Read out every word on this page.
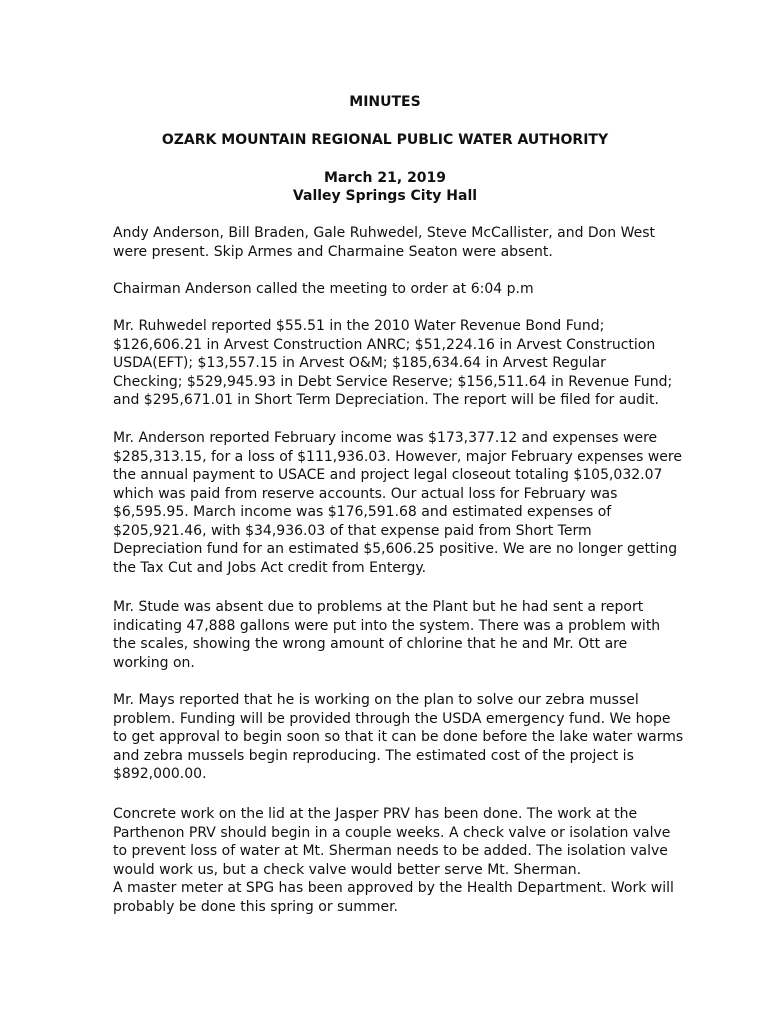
MINUTES
OZARK MOUNTAIN REGIONAL PUBLIC WATER AUTHORITY
March 21, 2019
Valley Springs City Hall
Andy Anderson, Bill Braden, Gale Ruhwedel, Steve McCallister, and Don West
were present. Skip Armes and Charmaine Seaton were absent.
Chairman Anderson called the meeting to order at 6:04 p.m
Mr. Ruhwedel reported $55.51 in the 2010 Water Revenue Bond Fund;
$126,606.21 in Arvest Construction ANRC; $51,224.16 in Arvest Construction
USDA(EFT); $13,557.15 in Arvest O&M; $185,634.64 in Arvest Regular
Checking; $529,945.93 in Debt Service Reserve; $156,511.64 in Revenue Fund;
and $295,671.01 in Short Term Depreciation. The report will be filed for audit.
Mr. Anderson reported February income was $173,377.12 and expenses were
$285,313.15, for a loss of $111,936.03. However, major February expenses were
the annual payment to USACE and project legal closeout totaling $105,032.07
which was paid from reserve accounts. Our actual loss for February was
$6,595.95. March income was $176,591.68 and estimated expenses of
$205,921.46, with $34,936.03 of that expense paid from Short Term
Depreciation fund for an estimated $5,606.25 positive. We are no longer getting
the Tax Cut and Jobs Act credit from Entergy.
Mr. Stude was absent due to problems at the Plant but he had sent a report
indicating 47,888 gallons were put into the system. There was a problem with
the scales, showing the wrong amount of chlorine that he and Mr. Ott are
working on.
Mr. Mays reported that he is working on the plan to solve our zebra mussel
problem. Funding will be provided through the USDA emergency fund. We hope
to get approval to begin soon so that it can be done before the lake water warms
and zebra mussels begin reproducing. The estimated cost of the project is
$892,000.00.
Concrete work on the lid at the Jasper PRV has been done. The work at the
Parthenon PRV should begin in a couple weeks. A check valve or isolation valve
to prevent loss of water at Mt. Sherman needs to be added. The isolation valve
would work us, but a check valve would better serve Mt. Sherman.
A master meter at SPG has been approved by the Health Department. Work will
probably be done this spring or summer.
